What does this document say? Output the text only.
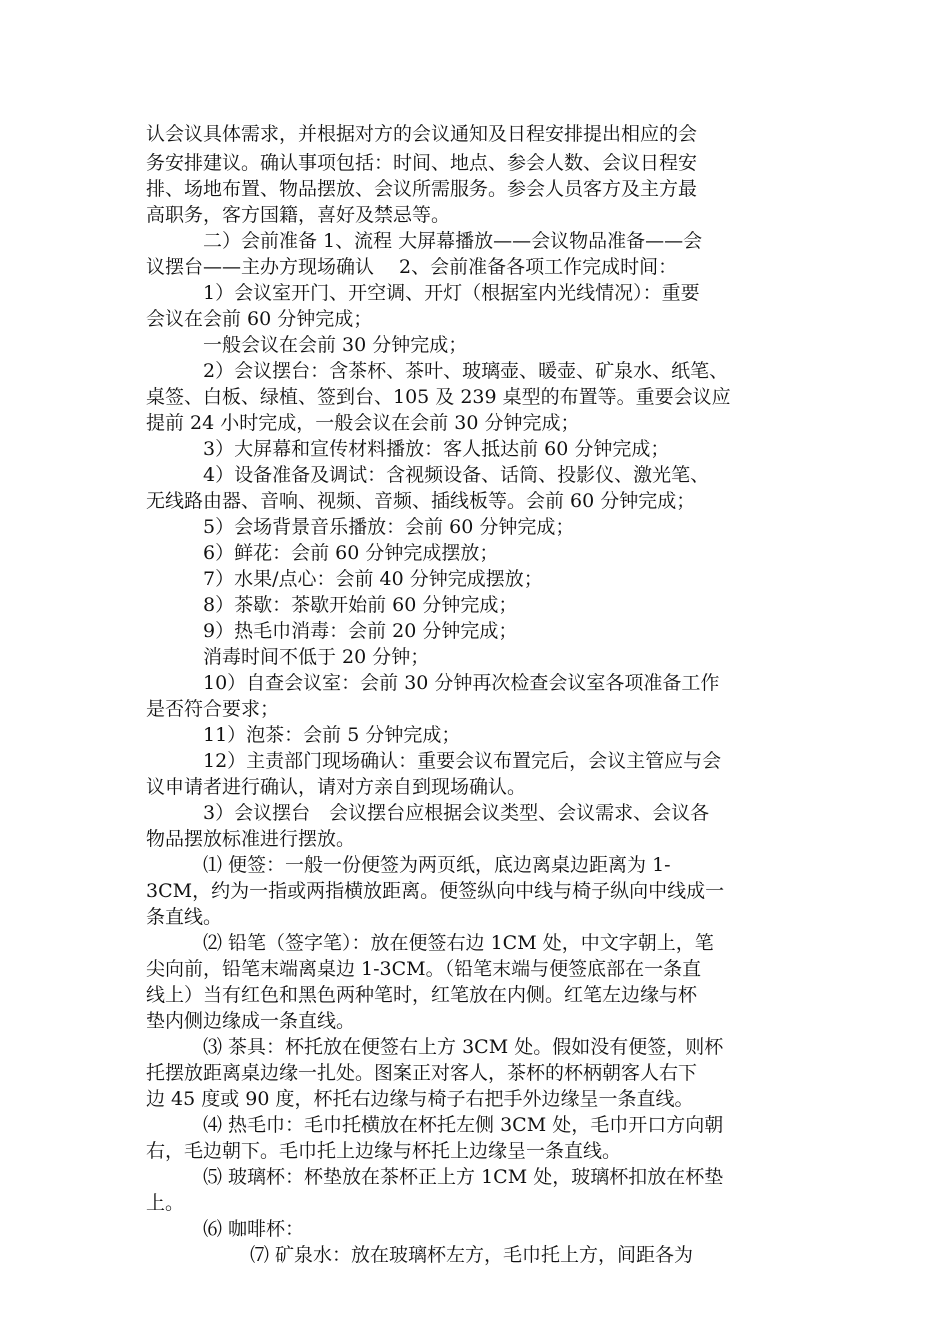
认会议具体需求，并根据对方的会议通知及日程安排提出相应的会
务安排建议。确认事项包括：时间、地点、参会人数、会议日程安
排、场地布置、物品摆放、会议所需服务。参会人员客方及主方最
高职务，客方国籍，喜好及禁忌等。
二）会前准备 1、流程 大屏幕播放——会议物品准备——会
议摆台——主办方现场确认　 2、会前准备各项工作完成时间：
1）会议室开门、开空调、开灯（根据室内光线情况）：重要
会议在会前 60 分钟完成；
一般会议在会前 30 分钟完成；
2）会议摆台：含茶杯、茶叶、玻璃壶、暖壶、矿泉水、纸笔、
桌签、白板、绿植、签到台、105 及 239 桌型的布置等。重要会议应
提前 24 小时完成，一般会议在会前 30 分钟完成；
3）大屏幕和宣传材料播放：客人抵达前 60 分钟完成；
4）设备准备及调试：含视频设备、话筒、投影仪、激光笔、
无线路由器、音响、视频、音频、插线板等。会前 60 分钟完成；
5）会场背景音乐播放：会前 60 分钟完成；
6）鲜花：会前 60 分钟完成摆放；
7）水果/点心：会前 40 分钟完成摆放；
8）茶歇：茶歇开始前 60 分钟完成；
9）热毛巾消毒：会前 20 分钟完成；
消毒时间不低于 20 分钟；
10）自查会议室：会前 30 分钟再次检查会议室各项准备工作
是否符合要求；
11）泡茶：会前 5 分钟完成；
12）主责部门现场确认：重要会议布置完后，会议主管应与会
议申请者进行确认，请对方亲自到现场确认。
3）会议摆台　会议摆台应根据会议类型、会议需求、会议各
物品摆放标准进行摆放。
⑴ 便签：一般一份便签为两页纸，底边离桌边距离为 1-
3CM，约为一指或两指横放距离。便签纵向中线与椅子纵向中线成一
条直线。
⑵ 铅笔（签字笔）：放在便签右边 1CM 处，中文字朝上，笔
尖向前，铅笔末端离桌边 1-3CM。（铅笔末端与便签底部在一条直
线上）当有红色和黑色两种笔时，红笔放在内侧。红笔左边缘与杯
垫内侧边缘成一条直线。
⑶ 茶具：杯托放在便签右上方 3CM 处。假如没有便签，则杯
托摆放距离桌边缘一扎处。图案正对客人，茶杯的杯柄朝客人右下
边 45 度或 90 度，杯托右边缘与椅子右把手外边缘呈一条直线。
⑷ 热毛巾：毛巾托横放在杯托左侧 3CM 处，毛巾开口方向朝
右，毛边朝下。毛巾托上边缘与杯托上边缘呈一条直线。
⑸ 玻璃杯：杯垫放在茶杯正上方 1CM 处，玻璃杯扣放在杯垫
上。
⑹ 咖啡杯：
⑺ 矿泉水：放在玻璃杯左方，毛巾托上方，间距各为
